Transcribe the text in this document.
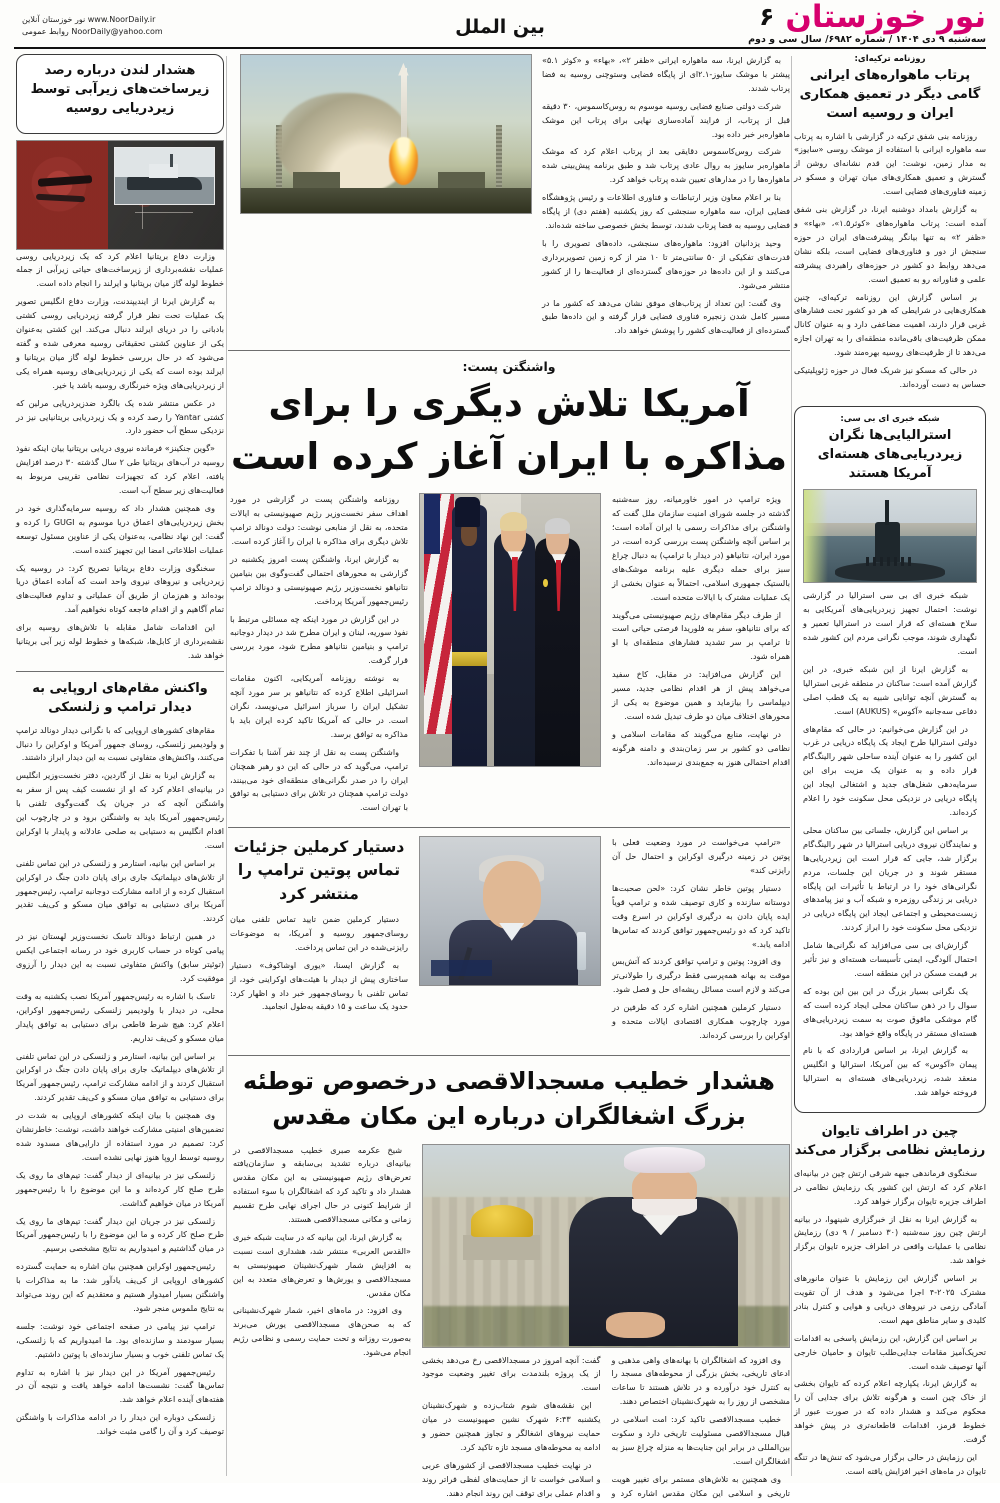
نور خوزستان ۶
سه‌شنبه ۹ دی ۱۴۰۴ / شماره ۶۹۸۲/ سال سی و دوم
بین الملل
نور خوزستان آنلاین www.NoorDaily.ir
روابط عمومی NoorDaily@yahoo.com
هشدار لندن درباره رصد زیرساخت‌های زیرآبی توسط زیردریایی روسیه

وزارت دفاع بریتانیا اعلام کرد که یک زیردریایی روسی عملیات نقشه‌برداری از زیرساخت‌های حیاتی زیرآبی از جمله خطوط لوله گاز میان بریتانیا و ایرلند را انجام داده است.

به گزارش ایرنا از ایندیپندنت، وزارت دفاع انگلیس تصویر یک عملیات تحت نظر قرار گرفته زیردریایی روسی کشتی بادبانی را در دریای ایرلند دنبال می‌کند. این کشتی به‌عنوان یکی از عناوین کشتی تحقیقاتی روسیه معرفی شده و گفته می‌شود که در حال بررسی خطوط لوله گاز میان بریتانیا و ایرلند بوده است که یکی از زیردریایی‌های روسیه همراه یکی از زیردریایی‌های ویژه خبرنگاری روسیه باشد یا خیر.

در عکس منتشر شده یک بالگرد ضدزیردریایی مرلین که کشتی Yantar را رصد کرده و یک زیردریایی بریتانیایی نیز در نزدیکی سطح آب حضور دارد.

«گوین جنکینز» فرمانده نیروی دریایی بریتانیا بیان اینکه نفوذ روسیه در آب‌های بریتانیا طی ۲ سال گذشته ۳۰ درصد افزایش یافته، اعلام کرد که تجهیزات نظامی تقریبی مربوط به فعالیت‌های زیر سطح آب است.

وی همچنین هشدار داد که روسیه سرمایه‌گذاری خود در بخش زیردریایی‌های اعماق دریا موسوم به GUGI را کرده و گفت: این نهاد نظامی، به‌عنوان یکی از عناوین مسئول توسعه عملیات اطلاعاتی امضا این تجهیز کننده است.

سخنگوی وزارت دفاع بریتانیا تصریح کرد: در روسیه یک زیردریایی و نیروهای نیروی واحد است که آماده اعماق دریا بوده‌اند و هم‌زمان از طریق آن عملیاتی و تداوم فعالیت‌های تمام آگاهیم و از اقدام فاجعه کوتاه نخواهیم آمد.

این اقدامات شامل مقابله با تلاش‌های روسیه برای نقشه‌برداری از کابل‌ها، شبکه‌ها و خطوط لوله زیر آبی بریتانیا خواهد شد.

واکنش مقام‌های اروپایی به دیدار ترامپ و زلنسکی

مقام‌های کشورهای اروپایی که با نگرانی دیدار دونالد ترامپ و ولودیمیر زلنسکی، روسای جمهور آمریکا و اوکراین را دنبال می‌کنند، واکنش‌های متفاوتی نسبت به این دیدار ابراز داشتند.

به گزارش ایرنا به نقل از گاردین، دفتر نخست‌وزیر انگلیس در بیانیه‌ای اعلام کرد که او از نشست کیف پس از سفر به واشنگتن آنچه که در جریان یک گفت‌وگوی تلفنی با رئیس‌جمهور آمریکا باید به واشنگتن برود و در چارچوب این اقدام انگلیس به دستیابی به صلحی عادلانه و پایدار با اوکراین است.

بر اساس این بیانیه، استارمر و زلنسکی در این تماس تلفنی از تلاش‌های دیپلماتیک جاری برای پایان دادن جنگ در اوکراین استقبال کرده و از ادامه مشارکت دوجانبه ترامپ، رئیس‌جمهور آمریکا برای دستیابی به توافق میان مسکو و کی‌یف تقدیر کردند.

در همین ارتباط دونالد تاسک نخست‌وزیر لهستان نیز در پیامی کوتاه در حساب کاربری خود در رسانه اجتماعی ایکس (توئیتر سابق) واکنش متفاوتی نسبت به این دیدار را آرزوی موفقیت کرد.

تاسک با اشاره به رئیس‌جمهور آمریکا نصب یکشنبه به وقت محلی، در دیدار با ولودیمیر زلنسکی رئیس‌جمهور اوکراین، اعلام کرد: هیچ شرط قاطعی برای دستیابی به توافق پایدار میان مسکو و کی‌یف نداریم.

بر اساس این بیانیه، استارمر و زلنسکی در این تماس تلفنی از تلاش‌های دیپلماتیک جاری برای پایان دادن جنگ در اوکراین استقبال کردند و از ادامه مشارکت ترامپ، رئیس‌جمهور آمریکا برای دستیابی به توافق میان مسکو و کی‌یف تقدیر کردند.

وی همچنین با بیان اینکه کشورهای اروپایی به شدت در تضمین‌های امنیتی مشارکت خواهند داشت، نوشت: خاطرنشان کرد: تصمیم در مورد استفاده از دارایی‌های مسدود شده روسیه توسط اروپا هنوز نهایی نشده است.

زلنسکی نیز در بیانیه‌ای از دیدار گفت: تیم‌های ما روی یک طرح صلح کار کرده‌اند و ما این موضوع را با رئیس‌جمهور آمریکا در میان خواهیم گذاشت.

زلنسکی نیز در جریان این دیدار گفت: تیم‌های ما روی یک طرح صلح کار کرده و ما این موضوع را با رئیس‌جمهور آمریکا در میان گذاشتیم و امیدواریم به نتایج مشخصی برسیم.

رئیس‌جمهور اوکراین همچنین بیان اشاره به حمایت گسترده کشورهای اروپایی از کی‌یف یادآور شد: ما به مذاکرات با واشنگتن بسیار امیدوار هستیم و معتقدیم که این روند می‌تواند به نتایج ملموس منجر شود.

ترامپ نیز پیامی در صفحه اجتماعی خود نوشت: جلسه بسیار سودمند و سازنده‌ای بود. ما امیدواریم که با زلنسکی، یک تماس تلفنی خوب و بسیار سازنده‌ای با پوتین داشتیم.

رئیس‌جمهور آمریکا در این دیدار نیز با اشاره به تداوم تماس‌ها گفت: نشست‌ها ادامه خواهد یافت و نتیجه آن در هفته‌های آینده اعلام خواهد شد.

زلنسکی دوباره این دیدار را در ادامه مذاکرات با واشنگتن توصیف کرد و آن را گامی مثبت خواند.

به گزارش ایرنا، سه ماهواره ایرانی «ظفر ۲»، «بهاء» و «کوثر ۵.۱» پیشتر با موشک سایوز-۲.۱ای از پایگاه فضایی وستوچنی روسیه به فضا پرتاب شدند.

شرکت دولتی صنایع فضایی روسیه موسوم به روس‌کاسموس، ۳۰ دقیقه قبل از پرتاب، از فرایند آماده‌سازی نهایی برای پرتاب این موشک ماهواره‌بر خبر داده بود.

شرکت روس‌کاسموس دقایقی بعد از پرتاب اعلام کرد که موشک ماهواره‌بر سایوز به روال عادی پرتاب شد و طبق برنامه پیش‌بینی شده ماهواره‌ها را در مدارهای تعیین شده پرتاب خواهد کرد.

بنا بر اعلام معاون وزیر ارتباطات و فناوری اطلاعات و رئیس پژوهشگاه فضایی ایران، سه ماهواره سنجشی که روز یکشنبه (هفتم دی) از پایگاه فضایی روسیه به فضا پرتاب شدند، توسط بخش خصوصی ساخته شده‌اند.

وحید یزدانیان افزود: ماهواره‌های سنجشی، داده‌های تصویری را با قدرت‌های تفکیکی از ۵۰ سانتی‌متر تا ۱۰ متر از کره زمین تصویربرداری می‌کنند و از این داده‌ها در حوزه‌های گسترده‌ای از فعالیت‌ها را از کشور منتشر می‌شود.

وی گفت: این تعداد از پرتاب‌های موفق نشان می‌دهد که کشور ما در مسیر کامل شدن زنجیره فناوری فضایی قرار گرفته و این داده‌ها طبق گسترده‌ای از فعالیت‌های کشور را پوشش خواهد داد.

واشنگتن پست:
آمریکا تلاش دیگری را برای مذاکره با ایران آغاز کرده است

ویژه ترامپ در امور خاورمیانه، روز سه‌شنبه گذشته در جلسه شورای امنیت سازمان ملل گفت که واشنگتن برای مذاکرات رسمی با ایران آماده است؛ بر اساس آنچه واشنگتن پست بررسی کرده است، در مورد ایران، نتانیاهو (در دیدار با ترامپ) به دنبال چراغ سبز برای حمله دیگری علیه برنامه موشک‌های بالستیک جمهوری اسلامی، احتمالاً به عنوان بخشی از یک عملیات مشترک با ایالات متحده است.

از طرف دیگر مقام‌های رژیم صهیونیستی می‌گویند که برای نتانیاهو، سفر به فلوریدا فرصتی حیاتی است تا ترامپ بر سر تشدید فشارهای منطقه‌ای با او همراه شود.

این گزارش می‌افزاید: در مقابل، کاخ سفید می‌خواهد پیش از هر اقدام نظامی جدید، مسیر دیپلماسی را بیازماید و همین موضوع به یکی از محورهای اختلاف میان دو طرف تبدیل شده است.

در نهایت، منابع می‌گویند که مقامات اسلامی و نظامی دو کشور بر سر زمان‌بندی و دامنه هرگونه اقدام احتمالی هنوز به جمع‌بندی نرسیده‌اند.

روزنامه واشنگتن پست در گزارشی در مورد اهداف سفر نخست‌وزیر رژیم صهیونیستی به ایالات متحده، به نقل از منابعی نوشت: دولت دونالد ترامپ تلاش دیگری برای مذاکره با ایران را آغاز کرده است.

به گزارش ایرنا، واشنگتن پست امروز یکشنبه در گزارشی به محورهای احتمالی گفت‌وگوی بین بنیامین نتانیاهو نخست‌وزیر رژیم صهیونیستی و دونالد ترامپ رئیس‌جمهور آمریکا پرداخت.

در این گزارش در مورد اینکه چه مسائلی مرتبط با نفوذ سوریه، لبنان و ایران مطرح شد در دیدار دوجانبه ترامپ و بنیامین نتانیاهو مطرح شود، مورد بررسی قرار گرفت.

به نوشته روزنامه آمریکایی، اکنون مقامات اسرائیلی اطلاع کرده که نتانیاهو بر سر مورد آنچه تشکیل ایران را سرباز اسرائیل می‌نویسد، نگران است. در حالی که آمریکا تاکید کرده ایران باید با مذاکره به توافق برسد.

واشنگتن پست به نقل از چند نفر آشنا با تفکرات ترامپ، می‌گوید که در حالی که این دو رهبر همچنان ایران را در صدر نگرانی‌های منطقه‌ای خود می‌بینند، دولت ترامپ همچنان در تلاش برای دستیابی به توافق با تهران است.

«ترامپ می‌خواست در مورد وضعیت فعلی با پوتین در زمینه درگیری اوکراین و احتمال حل آن رایزنی کند»

دستیار پوتین خاطر نشان کرد: «لحن صحبت‌ها دوستانه سازنده و کاری توصیف شده و ترامپ قویاً ایده پایان دادن به درگیری اوکراین در اسرع وقت تاکید کرد که دو رئیس‌جمهور توافق کردند که تماس‌ها ادامه یابد.»

وی افزود: پوتین و ترامپ توافق کردند که آتش‌بس موقت به بهانه همه‌پرسی فقط درگیری را طولانی‌تر می‌کند و لازم است مسائل ریشه‌ای حل و فصل شود.

دستیار کرملین همچنین اشاره کرد که طرفین در مورد چارچوب همکاری اقتصادی ایالات متحده و اوکراین را بررسی کرده‌اند.

دستیار کرملین جزئیات تماس پوتین ترامپ را منتشر کرد

دستیار کرملین ضمن تایید تماس تلفنی میان روسای‌جمهور روسیه و آمریکا، به موضوعات رایزنی‌شده در این تماس پرداخت.

به گزارش ایسنا، «یوری اوشاکوف» دستیار ساختاری پیش از دیدار با هیئت‌های اوکراینی خود، از تماس تلفنی با روسای‌جمهور خبر داد و اظهار کرد: حدود یک ساعت و ۱۵ دقیقه به‌طول انجامید.

هشدار خطیب مسجدالاقصی درخصوص توطئه بزرگ اشغالگران درباره این مکان مقدس

وی افزود که اشغالگران با بهانه‌های واهی مذهبی و ادعای تاریخی، بخش بزرگی از محوطه‌های مسجد را به کنترل خود درآورده و در تلاش هستند تا ساعات مشخصی از روز را به شهرک‌نشینان اختصاص دهند.

خطیب مسجدالاقصی تاکید کرد: امت اسلامی در قبال مسجدالاقصی مسئولیت تاریخی دارد و سکوت بین‌المللی در برابر این جنایت‌ها به منزله چراغ سبز به اشغالگران است.

وی همچنین به تلاش‌های مستمر برای تغییر هویت تاریخی و اسلامی این مکان مقدس اشاره کرد و گفت: آنچه امروز در مسجدالاقصی رخ می‌دهد بخشی از یک پروژه بلندمدت برای تغییر وضعیت موجود است.

این نقشه‌های شوم شتاب‌زده و شهرک‌نشینان یکشنبه ۶:۴۳ شهرک نشین صهیونیست در میان حمایت نیروهای اشغالگر و تجاوز همچنین حضور و ادامه به محوطه‌های مسجد تازه تاکید کرد.

در نهایت خطیب مسجدالاقصی از کشورهای عربی و اسلامی خواست تا از حمایت‌های لفظی فراتر روند و اقدام عملی برای توقف این روند انجام دهند.

شیخ عکرمه صبری خطیب مسجدالاقصی در بیانیه‌ای درباره تشدید بی‌سابقه و سازمان‌یافته تعرض‌های رژیم صهیونیستی به این مکان مقدس هشدار داد و تاکید کرد که اشغالگران با سوء استفاده از شرایط کنونی در حال اجرای نهایی طرح تقسیم زمانی و مکانی مسجدالاقصی هستند.

به گزارش ایرنا، این بیانیه که در سایت شبکه خبری «القدس العربی» منتشر شد، هشداری است نسبت به افزایش شمار شهرک‌نشینان صهیونیستی به مسجدالاقصی و یورش‌ها و تعرض‌های متعدد به این مکان مقدس.

وی افزود: در ماه‌های اخیر، شمار شهرک‌نشینانی که به صحن‌های مسجدالاقصی یورش می‌برند به‌صورت روزانه و تحت حمایت رسمی و نظامی رژیم انجام می‌شود.

روزنامه ترکیه‌ای:
پرتاب ماهواره‌های ایرانی گامی دیگر در تعمیق همکاری ایران و روسیه است

روزنامه بنی شفق ترکیه در گزارشی با اشاره به پرتاب سه ماهواره ایرانی با استفاده از موشک روسی «سایوز» به مدار زمین، نوشت: این قدم نشانه‌ای روشن از گسترش و تعمیق همکاری‌های میان تهران و مسکو در زمینه فناوری‌های فضایی است.

به گزارش بامداد دوشنبه ایرنا، در گزارش بنی شفق آمده است: پرتاب ماهواره‌های «کوثر۱.۵»، «بهاء» و «ظفر ۲» به تنها بیانگر پیشرفت‌های ایران در حوزه سنجش از دور و فناوری‌های فضایی است، بلکه نشان می‌دهد روابط دو کشور در حوزه‌های راهبردی پیشرفته علمی و فناورانه رو به تعمیق است.

بر اساس گزارش این روزنامه ترکیه‌ای، چنین همکاری‌هایی در شرایطی که هر دو کشور تحت فشارهای غربی قرار دارند، اهمیت مضاعفی دارد و به عنوان کانال ممکن ظرفیت‌های باقی‌مانده منطقه‌ای را به تهران اجازه می‌دهد تا از ظرفیت‌های روسیه بهره‌مند شود.

در حالی که مسکو نیز شریک فعال در حوزه ژئوپلیتیکی حساس به دست آورده‌اند.

شبکه خبری ای بی سی:
استرالیایی‌ها نگران زیردریایی‌های هسته‌ای آمریکا هستند

شبکه خبری ای بی سی استرالیا در گزارشی نوشت: احتمال تجهیز زیردریایی‌های آمریکایی به سلاح هسته‌ای که قرار است در استرالیا تعمیر و نگهداری شوند، موجب نگرانی مردم این کشور شده است.

به گزارش ایرنا از این شبکه خبری، در این گزارش آمده است: ساکنان در منطقه غربی استرالیا به گسترش آنچه توانایی شبیه به یک قطب اصلی دفاعی سه‌جانبه «آکوس» (AUKUS) است.

در این گزارش می‌خوانیم: در حالی که مقام‌های دولتی استرالیا طرح ایجاد یک پایگاه دریایی در غرب این کشور را به عنوان آینده ساحلی شهر رالینگ‌گام قرار داده و به عنوان یک مزیت برای این سرمایه‌دهی شغل‌های جدید و اشتغالی ایجاد این پایگاه دریایی در نزدیکی محل سکونت خود را اعلام کرده‌اند.

بر اساس این گزارش، جلساتی بین ساکنان محلی و نمایندگان نیروی دریایی استرالیا در شهر رالینگ‌گام برگزار شد، جایی که قرار است این زیردریایی‌ها مستقر شوند و در جریان این جلسات، مردم نگرانی‌های خود را در ارتباط با تأثیرات این پایگاه دریایی بر زندگی روزمره و شبکه آب و نیز پیامدهای زیست‌محیطی و اجتماعی ایجاد این پایگاه دریایی در نزدیکی محل سکونت خود را ابراز کردند.

گزارش‌ای بی سی می‌افزاید که نگرانی‌ها شامل احتمال آلودگی، ایمنی تأسیسات هسته‌ای و نیز تأثیر بر قیمت مسکن در این منطقه است.

یک نگرانی بسیار بزرگ در این بین این بوده که سوال را در ذهن ساکنان محلی ایجاد کرده است که گام موشکی مافوق صوت به سمت زیردریایی‌های هسته‌ای مستقر در پایگاه واقع خواهد بود.

به گزارش ایرنا، بر اساس قراردادی که با نام پیمان «آکوس» که بین آمریکا، استرالیا و انگلیس منعقد شده، زیردریایی‌های هسته‌ای به استرالیا فروخته خواهد شد.

چین در اطراف تایوان رزمایش نظامی برگزار می‌کند

سخنگوی فرماندهی جبهه شرقی ارتش چین در بیانیه‌ای اعلام کرد که ارتش این کشور یک رزمایش نظامی در اطراف جزیره تایوان برگزار خواهد کرد.

به گزارش ایرنا به نقل از خبرگزاری شینهوا، در بیانیه ارتش چین روز سه‌شنبه (۳۰ دسامبر / ۹ دی) رزمایش نظامی با عملیات واقعی در اطراف جزیره تایوان برگزار خواهد شد.

بر اساس گزارش این رزمایش با عنوان مانورهای مشترک ۲۰۲۵-۴ اجرا می‌شود و هدف از آن تقویت آمادگی رزمی در نیروهای دریایی و هوایی و کنترل بنادر کلیدی و سایر مناطق مهم است.

بر اساس این گزارش، این رزمایش پاسخی به اقدامات تحریک‌آمیز مقامات جدایی‌طلب تایوان و حامیان خارجی آنها توصیف شده است.

به گزارش ایرنا، یکپارچه اعلام کرده که تایوان بخشی از خاک چین است و هرگونه تلاش برای جدایی آن را محکوم می‌کند و هشدار داده که در صورت عبور از خطوط قرمز، اقدامات قاطعانه‌تری در پیش خواهد گرفت.

این رزمایش در حالی برگزار می‌شود که تنش‌ها در تنگه تایوان در ماه‌های اخیر افزایش یافته است.
